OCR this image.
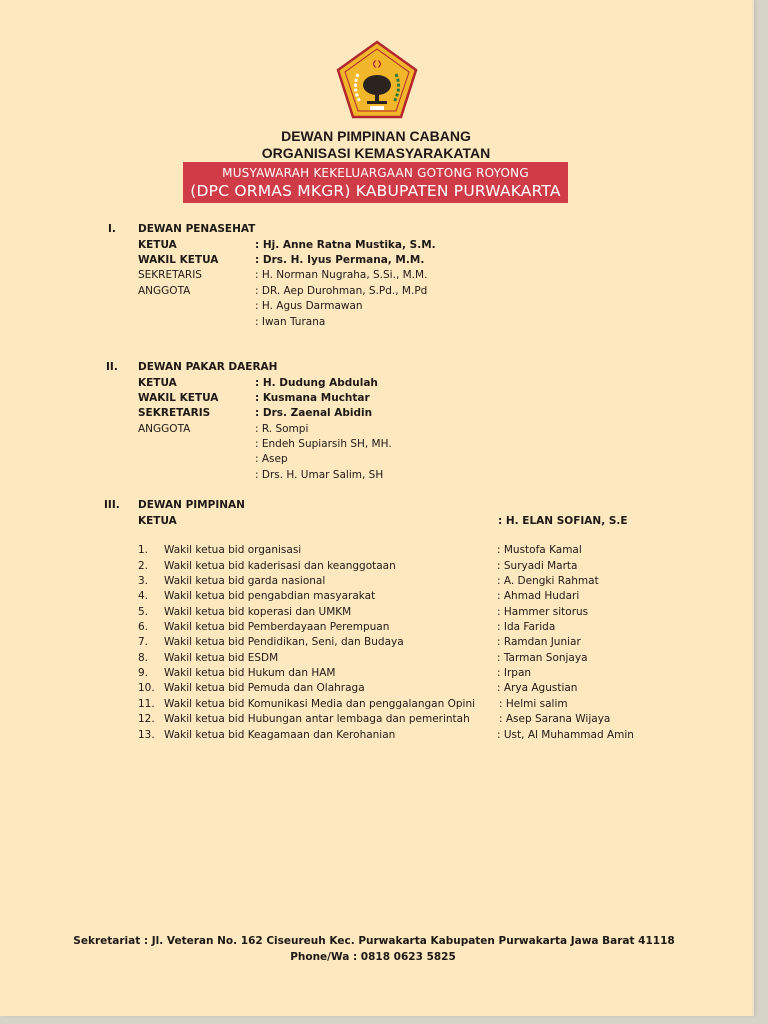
DEWAN PIMPINAN CABANG
ORGANISASI KEMASYARAKATAN
MUSYAWARAH KEKELUARGAAN GOTONG ROYONG
(DPC ORMAS MKGR) KABUPATEN PURWAKARTA
I. DEWAN PENASEHAT
KETUA	: Hj. Anne Ratna Mustika, S.M.
WAKIL KETUA	: Drs. H. Iyus Permana, M.M.
SEKRETARIS	: H. Norman Nugraha, S.Si., M.M.
ANGGOTA	: DR. Aep Durohman, S.Pd., M.Pd
: H. Agus Darmawan
: Iwan Turana
II. DEWAN PAKAR DAERAH
KETUA	: H. Dudung Abdulah
WAKIL KETUA	: Kusmana Muchtar
SEKRETARIS	: Drs. Zaenal Abidin
ANGGOTA	: R. Sompi
: Endeh Supiarsih SH, MH.
: Asep
: Drs. H. Umar Salim, SH
III. DEWAN PIMPINAN
KETUA	: H. ELAN SOFIAN, S.E
1. Wakil ketua bid organisasi	: Mustofa Kamal
2. Wakil ketua bid kaderisasi dan keanggotaan	: Suryadi Marta
3. Wakil ketua bid garda nasional	: A. Dengki Rahmat
4. Wakil ketua bid pengabdian masyarakat	: Ahmad Hudari
5. Wakil ketua bid koperasi dan UMKM	: Hammer sitorus
6. Wakil ketua bid Pemberdayaan Perempuan	: Ida Farida
7. Wakil ketua bid Pendidikan, Seni, dan Budaya	: Ramdan Juniar
8. Wakil ketua bid ESDM	: Tarman Sonjaya
9. Wakil ketua bid Hukum dan HAM	: Irpan
10. Wakil ketua bid Pemuda dan Olahraga	: Arya Agustian
11. Wakil ketua bid Komunikasi Media dan penggalangan Opini : Helmi salim
12. Wakil ketua bid Hubungan antar lembaga dan pemerintah	: Asep Sarana Wijaya
13. Wakil ketua bid Keagamaan dan Kerohanian	: Ust, Al Muhammad Amin
Sekretariat : Jl. Veteran No. 162 Ciseureuh Kec. Purwakarta Kabupaten Purwakarta Jawa Barat 41118
Phone/Wa : 0818 0623 5825
